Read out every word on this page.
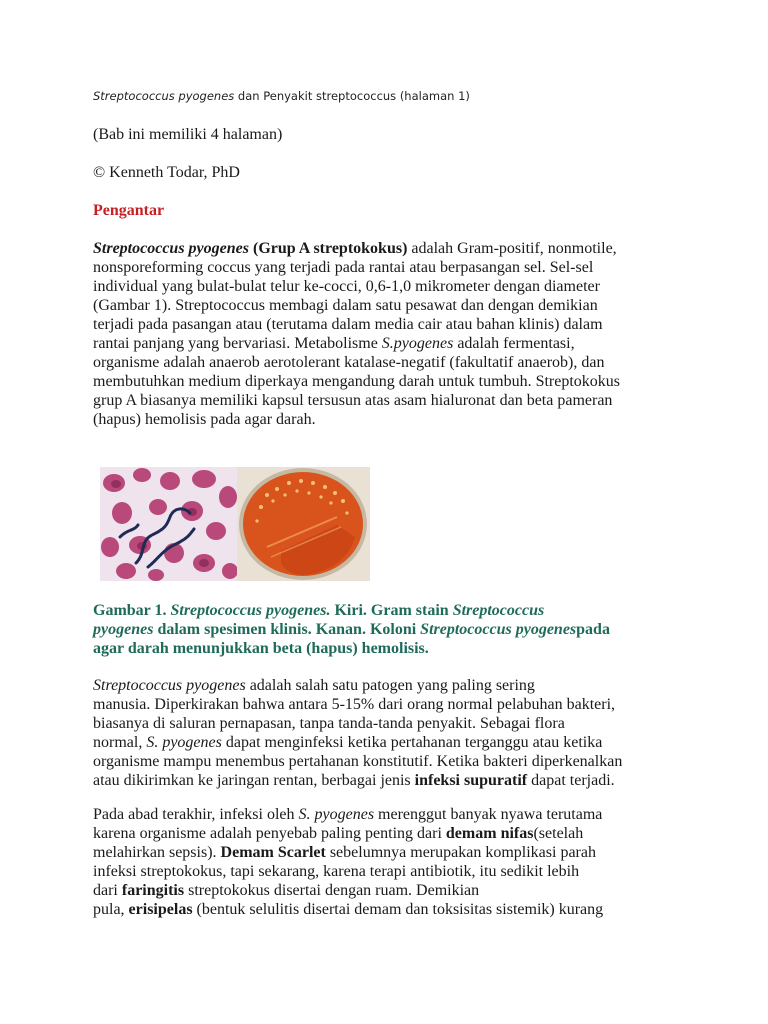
Streptococcus pyogenes dan Penyakit streptococcus (halaman 1)
(Bab ini memiliki 4 halaman)
© Kenneth Todar, PhD
Pengantar
Streptococcus pyogenes (Grup A streptokokus) adalah Gram-positif, nonmotile,
nonsporeforming coccus yang terjadi pada rantai atau berpasangan sel. Sel-sel
individual yang bulat-bulat telur ke-cocci, 0,6-1,0 mikrometer dengan diameter
(Gambar 1). Streptococcus membagi dalam satu pesawat dan dengan demikian
terjadi pada pasangan atau (terutama dalam media cair atau bahan klinis) dalam
rantai panjang yang bervariasi. Metabolisme S.pyogenes adalah fermentasi,
organisme adalah anaerob aerotolerant katalase-negatif (fakultatif anaerob), dan
membutuhkan medium diperkaya mengandung darah untuk tumbuh. Streptokokus
grup A biasanya memiliki kapsul tersusun atas asam hialuronat dan beta pameran
(hapus) hemolisis pada agar darah.
Gambar 1. Streptococcus pyogenes. Kiri. Gram stain Streptococcus
pyogenes dalam spesimen klinis. Kanan. Koloni Streptococcus pyogenespada
agar darah menunjukkan beta (hapus) hemolisis.
Streptococcus pyogenes adalah salah satu patogen yang paling sering
manusia. Diperkirakan bahwa antara 5-15% dari orang normal pelabuhan bakteri,
biasanya di saluran pernapasan, tanpa tanda-tanda penyakit. Sebagai flora
normal, S. pyogenes dapat menginfeksi ketika pertahanan terganggu atau ketika
organisme mampu menembus pertahanan konstitutif. Ketika bakteri diperkenalkan
atau dikirimkan ke jaringan rentan, berbagai jenis infeksi supuratif dapat terjadi.
Pada abad terakhir, infeksi oleh S. pyogenes merenggut banyak nyawa terutama
karena organisme adalah penyebab paling penting dari demam nifas(setelah
melahirkan sepsis). Demam Scarlet sebelumnya merupakan komplikasi parah
infeksi streptokokus, tapi sekarang, karena terapi antibiotik, itu sedikit lebih
dari faringitis streptokokus disertai dengan ruam. Demikian
pula, erisipelas (bentuk selulitis disertai demam dan toksisitas sistemik) kurang
